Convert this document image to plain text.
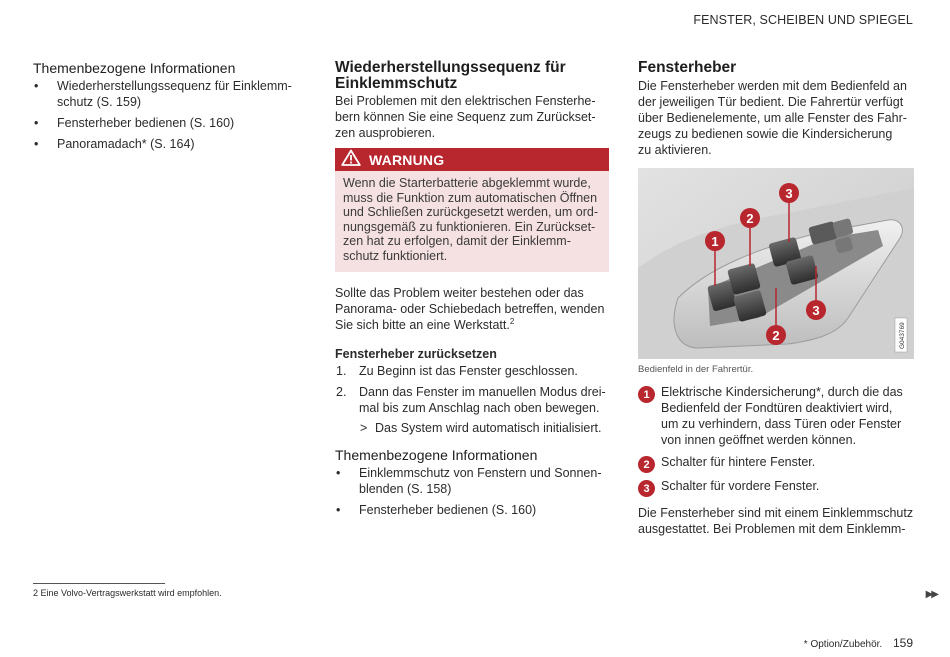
FENSTER, SCHEIBEN UND SPIEGEL
Themenbezogene Informationen
• Wiederherstellungssequenz für Einklemm-
schutz (S. 159)
• Fensterheber bedienen (S. 160)
• Panoramadach* (S. 164)
Wiederherstellungssequenz für
Einklemmschutz
Bei Problemen mit den elektrischen Fensterhe-
bern können Sie eine Sequenz zum Zurückset-
zen ausprobieren.
WARNUNG
Wenn die Starterbatterie abgeklemmt wurde,
muss die Funktion zum automatischen Öffnen
und Schließen zurückgesetzt werden, um ord-
nungsgemäß zu funktionieren. Ein Zurückset-
zen hat zu erfolgen, damit der Einklemm-
schutz funktioniert.
Sollte das Problem weiter bestehen oder das
Panorama- oder Schiebedach betreffen, wenden
Sie sich bitte an eine Werkstatt.$^2$
Fensterheber zurücksetzen
1. Zu Beginn ist das Fenster geschlossen.
2. Dann das Fenster im manuellen Modus drei-
mal bis zum Anschlag nach oben bewegen.
> Das System wird automatisch initialisiert.
Themenbezogene Informationen
• Einklemmschutz von Fenstern und Sonnen-
blenden (S. 158)
• Fensterheber bedienen (S. 160)
Fensterheber
Die Fensterheber werden mit dem Bedienfeld an
der jeweiligen Tür bedient. Die Fahrertür verfügt
über Bedienelemente, um alle Fenster des Fahr-
zeugs zu bedienen sowie die Kindersicherung
zu aktivieren.
1
2
3
3
2	G043769
Bedienfeld in der Fahrertür.
1 Elektrische Kindersicherung*, durch die das
Bedienfeld der Fondtüren deaktiviert wird,
um zu verhindern, dass Türen oder Fenster
von innen geöffnet werden können.
2 Schalter für hintere Fenster.
3 Schalter für vordere Fenster.
Die Fensterheber sind mit einem Einklemmschutz
ausgestattet. Bei Problemen mit dem Einklemm-
2 Eine Volvo-Vertragswerkstatt wird empfohlen.	▶▶
* Option/Zubehör. 159
